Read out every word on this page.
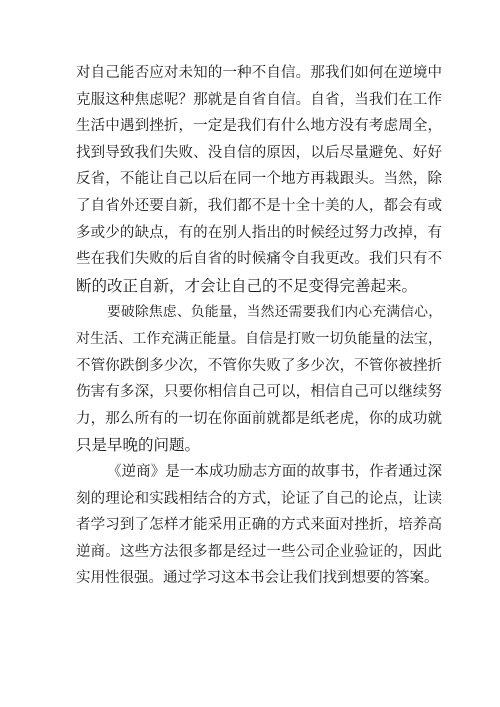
对自己能否应对未知的一种不自信。那我们如何在逆境中
克服这种焦虑呢？那就是自省自信。自省，当我们在工作
生活中遇到挫折，一定是我们有什么地方没有考虑周全，
找到导致我们失败、没自信的原因，以后尽量避免、好好
反省，不能让自己以后在同一个地方再栽跟头。当然，除
了自省外还要自新，我们都不是十全十美的人，都会有或
多或少的缺点，有的在别人指出的时候经过努力改掉，有
些在我们失败的后自省的时候痛令自我更改。我们只有不
断的改正自新，才会让自己的不足变得完善起来。
要破除焦虑、负能量，当然还需要我们内心充满信心，
对生活、工作充满正能量。自信是打败一切负能量的法宝，
不管你跌倒多少次，不管你失败了多少次，不管你被挫折
伤害有多深，只要你相信自己可以，相信自己可以继续努
力，那么所有的一切在你面前就都是纸老虎，你的成功就
只是早晚的问题。
《逆商》是一本成功励志方面的故事书，作者通过深
刻的理论和实践相结合的方式，论证了自己的论点，让读
者学习到了怎样才能采用正确的方式来面对挫折，培养高
逆商。这些方法很多都是经过一些公司企业验证的，因此
实用性很强。通过学习这本书会让我们找到想要的答案。
